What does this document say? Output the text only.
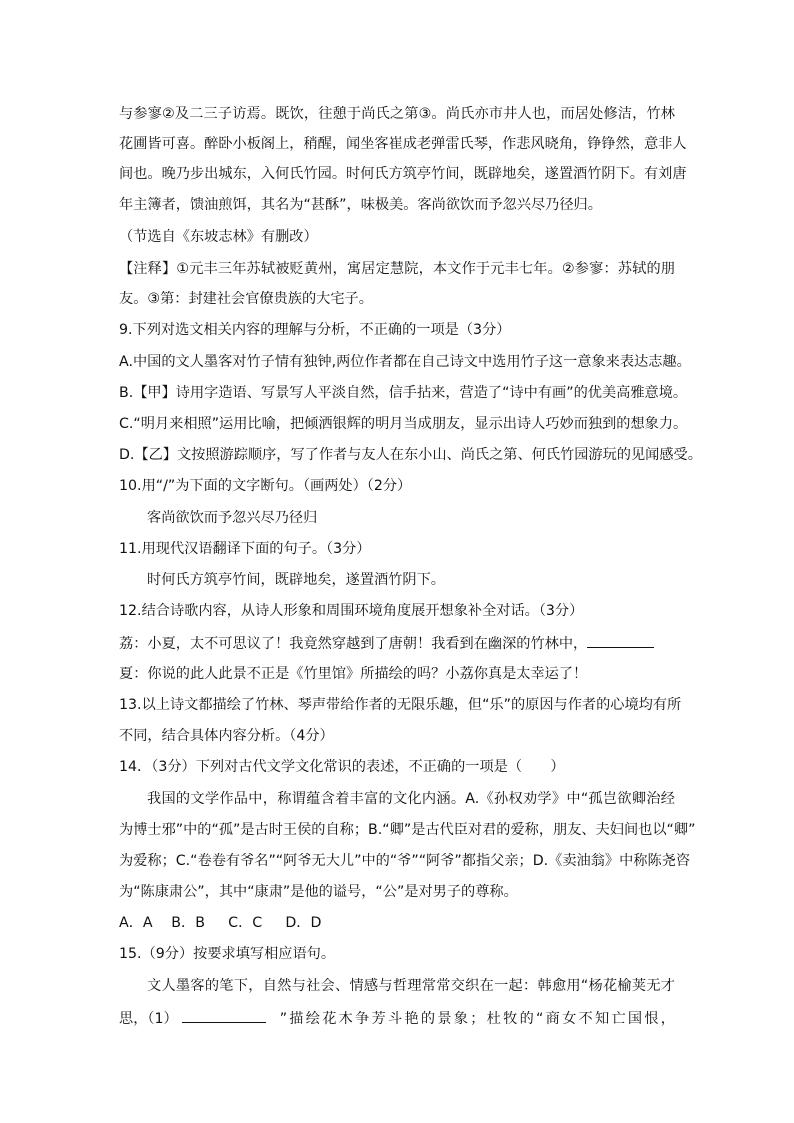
与参寥②及二三子访焉。既饮，往憩于尚氏之第③。尚氏亦市井人也，而居处修洁，竹林
花圃皆可喜。醉卧小板阁上，稍醒，闻坐客崔成老弹雷氏琴，作悲风晓角，铮铮然，意非人
间也。晚乃步出城东，入何氏竹园。时何氏方筑亭竹间，既辟地矣，遂置酒竹阴下。有刘唐
年主簿者，馈油煎饵，其名为“甚酥”，味极美。客尚欲饮而予忽兴尽乃径归。
（节选自《东坡志林》有删改）
【注释】①元丰三年苏轼被贬黄州，寓居定慧院，本文作于元丰七年。②参寥：苏轼的朋
友。③第：封建社会官僚贵族的大宅子。
9.下列对选文相关内容的理解与分析，不正确的一项是（3分）
A.中国的文人墨客对竹子情有独钟,两位作者都在自己诗文中选用竹子这一意象来表达志趣。
B.【甲】诗用字造语、写景写人平淡自然，信手拈来，营造了“诗中有画”的优美高雅意境。
C.“明月来相照”运用比喻，把倾洒银辉的明月当成朋友，显示出诗人巧妙而独到的想象力。
D.【乙】文按照游踪顺序，写了作者与友人在东小山、尚氏之第、何氏竹园游玩的见闻感受。
10.用“/”为下面的文字断句。（画两处）（2分）
客尚欲饮而予忽兴尽乃径归
11.用现代汉语翻译下面的句子。（3分）
时何氏方筑亭竹间，既辟地矣，遂置酒竹阴下。
12.结合诗歌内容，从诗人形象和周围环境角度展开想象补全对话。（3分）
荔：小夏，太不可思议了！我竟然穿越到了唐朝！我看到在幽深的竹林中，
夏：你说的此人此景不正是《竹里馆》所描绘的吗？小荔你真是太幸运了！
13.以上诗文都描绘了竹林、琴声带给作者的无限乐趣，但“乐”的原因与作者的心境均有所
不同，结合具体内容分析。（4分）
14．（3分）下列对古代文学文化常识的表述，不正确的一项是（　　）
我国的文学作品中，称谓蕴含着丰富的文化内涵。A.《孙权劝学》中“孤岂欲卿治经
为博士邪”中的“孤”是古时王侯的自称；B.“卿”是古代臣对君的爱称，朋友、夫妇间也以“卿”
为爱称；C.“卷卷有爷名”“阿爷无大儿”中的“爷”“阿爷”都指父亲；D.《卖油翁》中称陈尧咨
为“陈康肃公”，其中“康肃”是他的谥号，“公”是对男子的尊称。
A．A　 B．B 　 C．C 　 D．D
15.（9分）按要求填写相应语句。
文人墨客的笔下，自然与社会、情感与哲理常常交织在一起：韩愈用“杨花榆荚无才
思，（1）	”描绘花木争芳斗艳的景象；杜牧的“商女不知亡国恨，
